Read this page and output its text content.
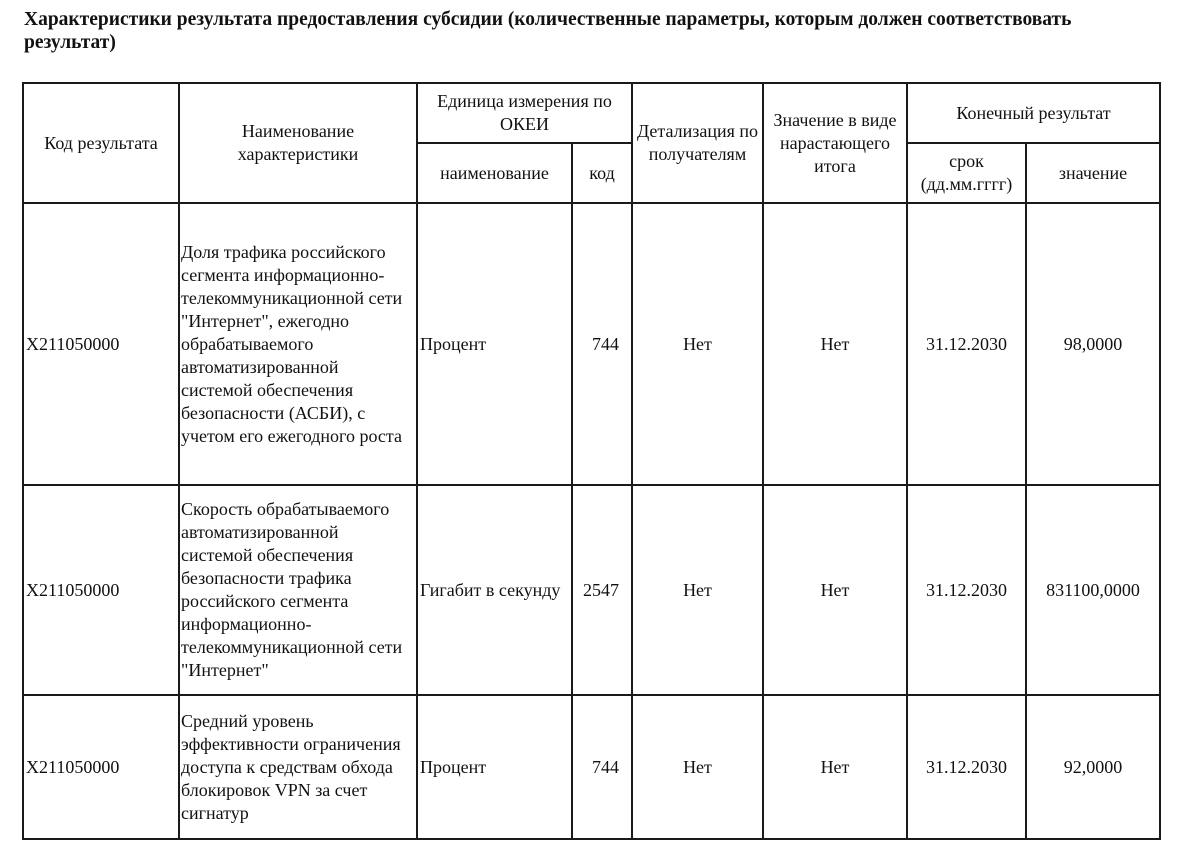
Характеристики результата предоставления субсидии (количественные параметры, которым должен соответствовать результат)
Код результата	Наименование характеристики	Единица измерения по ОКЕИ		Детализация по получателям	Значение в виде нарастающего итога	Конечный результат	
		наименование	код			срок (дд.мм.гггг)	значение
X211050000	Доля трафика российского сегмента информационно-телекоммуникационной сети "Интернет", ежегодно обрабатываемого автоматизированной системой обеспечения безопасности (АСБИ), с учетом его ежегодного роста	Процент	744	Нет	Нет	31.12.2030	98,0000
X211050000	Скорость обрабатываемого автоматизированной системой обеспечения безопасности трафика российского сегмента информационно-телекоммуникационной сети "Интернет"	Гигабит в секунду	2547	Нет	Нет	31.12.2030	831100,0000
X211050000	Средний уровень эффективности ограничения доступа к средствам обхода блокировок VPN за счет сигнатур	Процент	744	Нет	Нет	31.12.2030	92,0000
